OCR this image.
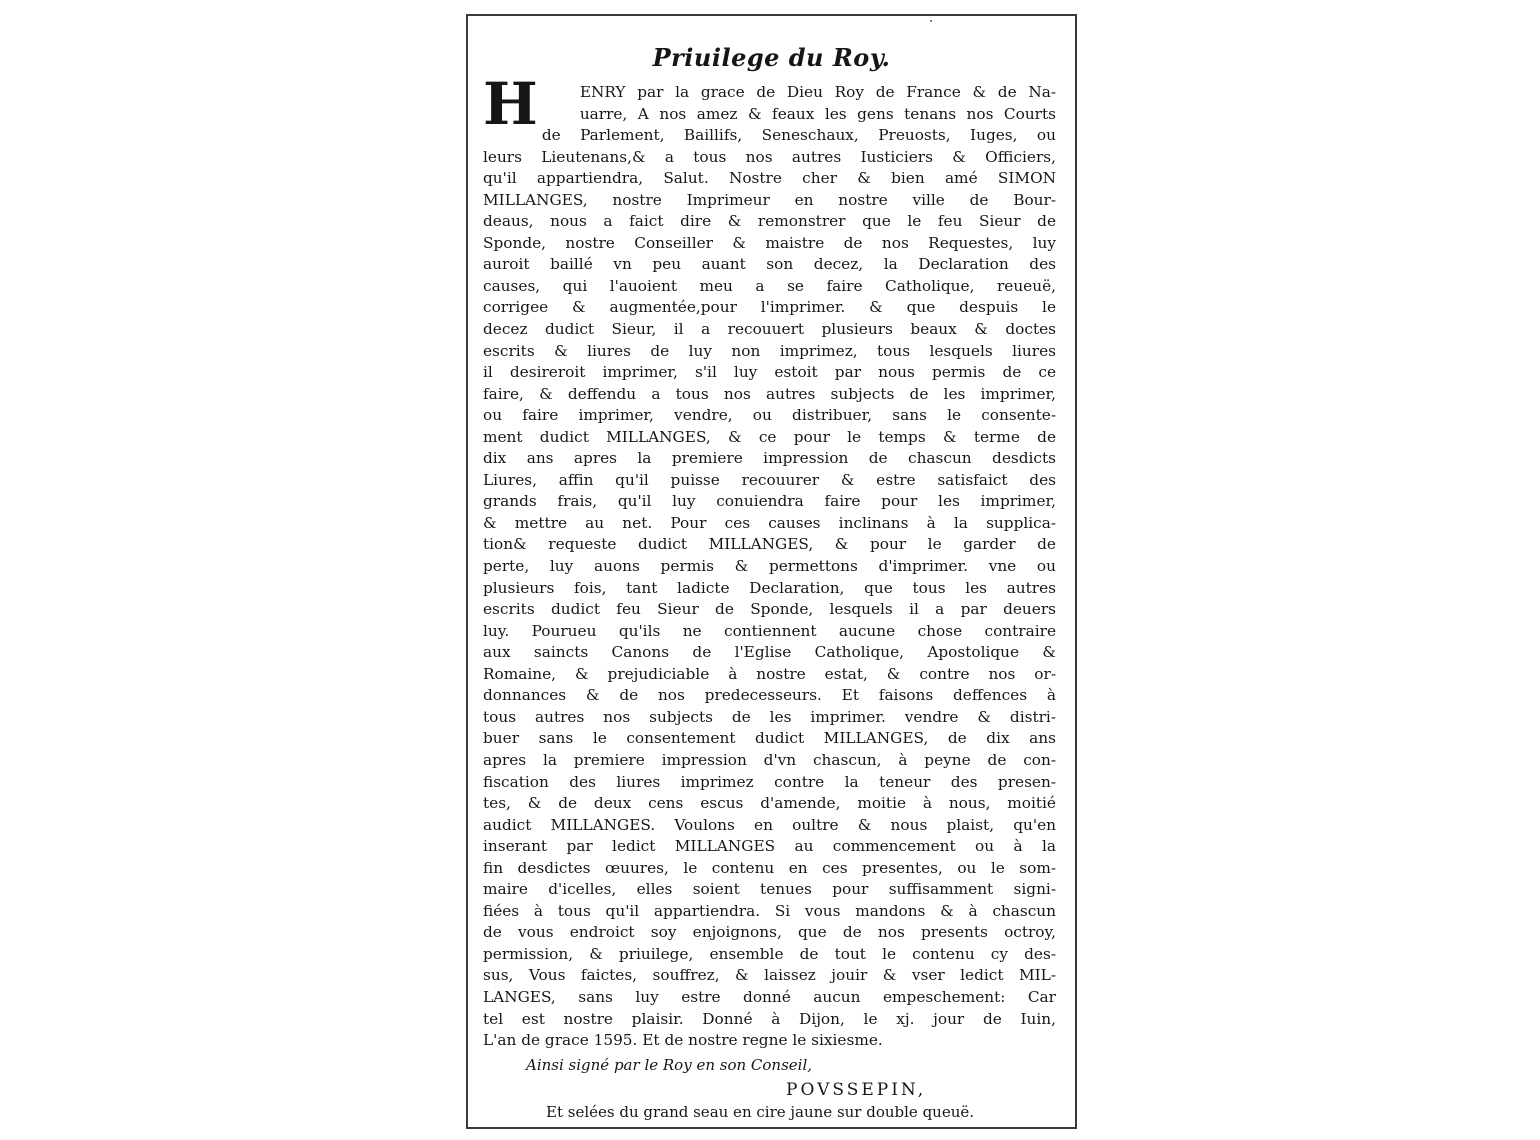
Priuilege du Roy.
H	ENRY par la grace de Dieu Roy de France & de Na-
uarre, A nos amez & feaux les gens tenans nos Courts
de Parlement, Baillifs, Seneschaux, Preuosts, Iuges, ou
leurs Lieutenans,& a tous nos autres Iusticiers & Officiers,
qu'il appartiendra, Salut. Nostre cher & bien amé SIMON
MILLANGES, nostre Imprimeur en nostre ville de Bour-
deaus, nous a faict dire & remonstrer que le feu Sieur de
Sponde, nostre Conseiller & maistre de nos Requestes, luy
auroit baillé vn peu auant son decez, la Declaration des
causes, qui l'auoient meu a se faire Catholique, reueuë,
corrigee & augmentée,pour l'imprimer. & que despuis le
decez dudict Sieur, il a recouuert plusieurs beaux & doctes
escrits & liures de luy non imprimez, tous lesquels liures
il desireroit imprimer, s'il luy estoit par nous permis de ce
faire, & deffendu a tous nos autres subjects de les imprimer,
ou faire imprimer, vendre, ou distribuer, sans le consente-
ment dudict MILLANGES, & ce pour le temps & terme de
dix ans apres la premiere impression de chascun desdicts
Liures, affin qu'il puisse recouurer & estre satisfaict des
grands frais, qu'il luy conuiendra faire pour les imprimer,
& mettre au net. Pour ces causes inclinans à la supplica-
tion& requeste dudict MILLANGES, & pour le garder de
perte, luy auons permis & permettons d'imprimer. vne ou
plusieurs fois, tant ladicte Declaration, que tous les autres
escrits dudict feu Sieur de Sponde, lesquels il a par deuers
luy. Pourueu qu'ils ne contiennent aucune chose contraire
aux saincts Canons de l'Eglise Catholique, Apostolique &
Romaine, & prejudiciable à nostre estat, & contre nos or-
donnances & de nos predecesseurs. Et faisons deffences à
tous autres nos subjects de les imprimer. vendre & distri-
buer sans le consentement dudict MILLANGES, de dix ans
apres la premiere impression d'vn chascun, à peyne de con-
fiscation des liures imprimez contre la teneur des presen-
tes, & de deux cens escus d'amende, moitie à nous, moitié
audict MILLANGES. Voulons en oultre & nous plaist, qu'en
inserant par ledict MILLANGES au commencement ou à la
fin desdictes œuures, le contenu en ces presentes, ou le som-
maire d'icelles, elles soient tenues pour suffisamment signi-
fiées à tous qu'il appartiendra. Si vous mandons & à chascun
de vous endroict soy enjoignons, que de nos presents octroy,
permission, & priuilege, ensemble de tout le contenu cy des-
sus, Vous faictes, souffrez, & laissez jouir & vser ledict MIL-
LANGES, sans luy estre donné aucun empeschement: Car
tel est nostre plaisir. Donné à Dijon, le xj. jour de Iuin,
L'an de grace 1595. Et de nostre regne le sixiesme.
Ainsi signé par le Roy en son Conseil,
POVSSEPIN,
Et selées du grand seau en cire jaune sur double queuë.
